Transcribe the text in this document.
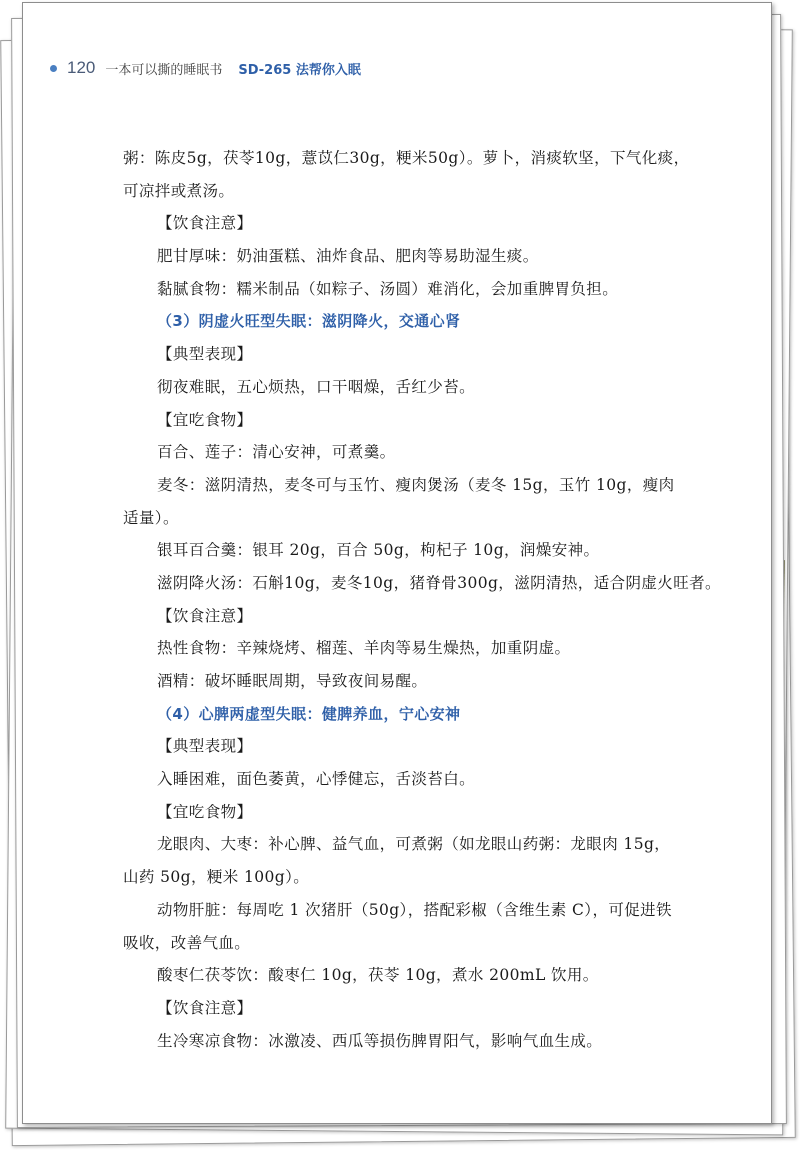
120 一本可以撕的睡眠书 SD-265 法帮你入眠
粥：陈皮5g，茯苓10g，薏苡仁30g，粳米50g）。萝卜，消痰软坚，下气化痰，
可凉拌或煮汤。
【饮食注意】
肥甘厚味：奶油蛋糕、油炸食品、肥肉等易助湿生痰。
黏腻食物：糯米制品（如粽子、汤圆）难消化，会加重脾胃负担。
（3）阴虚火旺型失眠：滋阴降火，交通心肾
【典型表现】
彻夜难眠，五心烦热，口干咽燥，舌红少苔。
【宜吃食物】
百合、莲子：清心安神，可煮羹。
麦冬：滋阴清热，麦冬可与玉竹、瘦肉煲汤（麦冬 15g，玉竹 10g，瘦肉
适量）。
银耳百合羹：银耳 20g，百合 50g，枸杞子 10g，润燥安神。
滋阴降火汤：石斛10g，麦冬10g，猪脊骨300g，滋阴清热，适合阴虚火旺者。
【饮食注意】
热性食物：辛辣烧烤、榴莲、羊肉等易生燥热，加重阴虚。
酒精：破坏睡眠周期，导致夜间易醒。
（4）心脾两虚型失眠：健脾养血，宁心安神
【典型表现】
入睡困难，面色萎黄，心悸健忘，舌淡苔白。
【宜吃食物】
龙眼肉、大枣：补心脾、益气血，可煮粥（如龙眼山药粥：龙眼肉 15g，
山药 50g，粳米 100g）。
动物肝脏：每周吃 1 次猪肝（50g），搭配彩椒（含维生素 C），可促进铁
吸收，改善气血。
酸枣仁茯苓饮：酸枣仁 10g，茯苓 10g，煮水 200mL 饮用。
【饮食注意】
生冷寒凉食物：冰激凌、西瓜等损伤脾胃阳气，影响气血生成。
